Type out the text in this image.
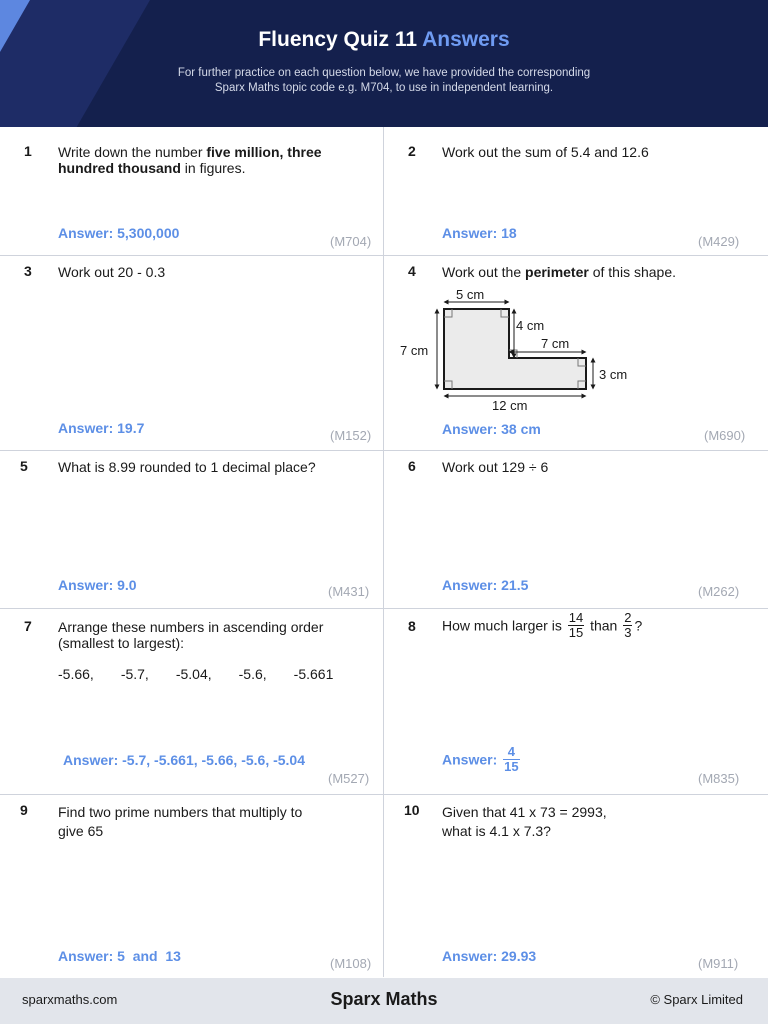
Fluency Quiz 11 Answers
For further practice on each question below, we have provided the corresponding
Sparx Maths topic code e.g. M704, to use in independent learning.
1 Write down the number five million, three hundred thousand in figures.
Answer: 5,300,000
(M704)
2 Work out the sum of 5.4 and 12.6
Answer: 18
(M429)
3 Work out 20 - 0.3
Answer: 19.7	(M152)
4 Work out the perimeter of this shape.
5 cm
4 cm
7 cm
7 cm
3 cm
12 cm
Answer: 38 cm	(M690)
5 What is 8.99 rounded to 1 decimal place?
Answer: 9.0	(M431)
6 Work out 129 ÷ 6
Answer: 21.5	(M262)
7 Arrange these numbers in ascending order
(smallest to largest):
-5.66, -5.7, -5.04, -5.6, -5.661
Answer: -5.7, -5.661, -5.66, -5.6, -5.04
(M527)
8 How much larger is $\frac{14}{15}$ than $\frac{2}{3}$ ?
Answer: $\frac{4}{15}$
(M835)
9 Find two prime numbers that multiply to
give 65
Answer: 5  and  13	(M108)
10 Given that 41 x 73 = 2993,
what is 4.1 x 7.3?
Answer: 29.93	(M911)
sparxmaths.com	Sparx Maths	© Sparx Limited
